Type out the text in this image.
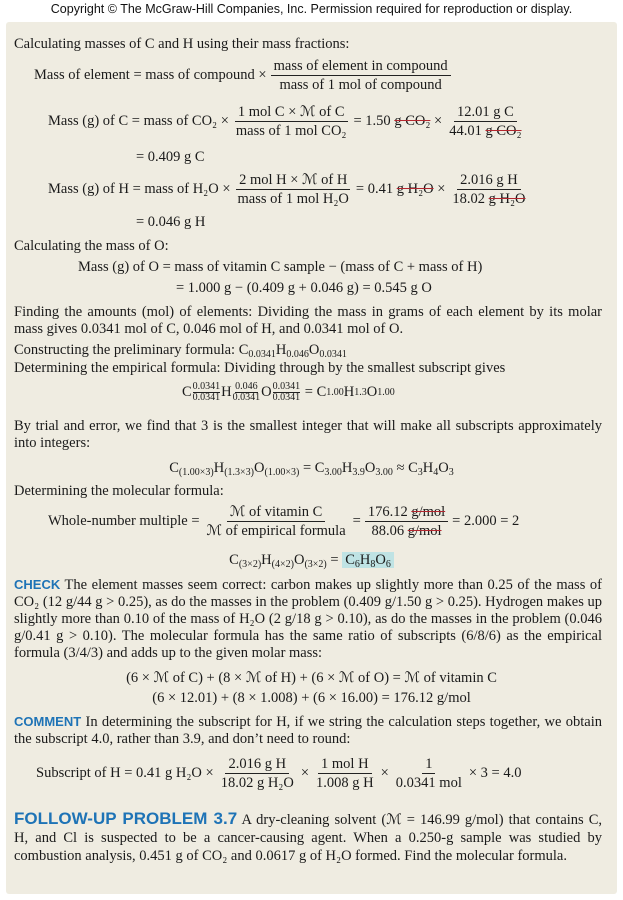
Copyright © The McGraw-Hill Companies, Inc. Permission required for reproduction or display.
Calculating masses of C and H using their mass fractions:
Mass of element = mass of compound × $\frac{\text{mass of element in compound}}{\text{mass of 1 mol of compound}}$
Mass (g) of C = mass of $CO_2 \times \frac{\text{1 mol C × ℳ of C}}{\text{mass of 1 mol CO₂}} = 1.50$
g $CO_2 \times \frac{\text{12.01 g C}}{\text{44.01 g CO₂}}$
= 0.409 g C
Mass (g) of H = mass of $H_2O \times \frac{\text{2 mol H × ℳ of H}}{\text{mass of 1 mol H₂O}} = 0.41$
g $H_2O \times \frac{\text{2.016 g H}}{\text{18.02 g H₂O}}$
= 0.046 g H
Calculating the mass of O:
Mass (g) of O = mass of vitamin C sample − (mass of C + mass of H)
= 1.000 g − (0.409 g + 0.046 g) = 0.545 g O
Finding the amounts (mol) of elements: Dividing the mass in grams of each element by its molar mass gives 0.0341 mol of C, 0.046 mol of H, and 0.0341 mol of O.
Constructing the preliminary formula: $C_{0.0341}H_{0.046}O_{0.0341}$
Determining the empirical formula: Dividing through by the smallest subscript gives
C 0.0341
0.0341 H 0.046
0.0341 O 0.0341
0.0341 = C 1.00 H 1.3 O 1.00
By trial and error, we find that 3 is the smallest integer that will make all subscripts approximately into integers:
$C_{(1.00\times 3)}H_{(1.3\times 3)}O_{(1.00\times 3)} = C_{3.00}H_{3.9}O_{3.00} \approx C_3H_4O_3$
Determining the molecular formula:
Whole-number multiple = $\frac{\text{ℳ of vitamin C}}{\text{ℳ of empirical formula}} = \frac{\text{176.12 g/mol}}{\text{88.06 g/mol}} = 2.000 = 2$
$C_{(3\times 2)}H_{(4\times 2)}O_{(3\times 2)} = C_6H_8O_6$
CHECK The element masses seem correct: carbon makes up slightly more than 0.25 of the mass of CO₂ (12 g/44 g > 0.25), as do the masses in the problem (0.409 g/1.50 g > 0.25). Hydrogen makes up slightly more than 0.10 of the mass of H₂O (2 g/18 g > 0.10), as do the masses in the problem (0.046 g/0.41 g > 0.10). The molecular formula has the same ratio of subscripts (6/8/6) as the empirical formula (3/4/3) and adds up to the given molar mass:
(6 × ℳ of C) + (8 × ℳ of H) + (6 × ℳ of O) = ℳ of vitamin C
(6 × 12.01) + (8 × 1.008) + (6 × 16.00) = 176.12 g/mol
COMMENT In determining the subscript for H, if we string the calculation steps together, we obtain the subscript 4.0, rather than 3.9, and don’t need to round:
Subscript of H = 0.41 g $H_2O \times \frac{\text{2.016 g H}}{\text{18.02 g H₂O}} \times \frac{\text{1 mol H}}{\text{1.008 g H}} \times \frac{1}{\text{0.0341 mol}} \times 3 = 4.0$
FOLLOW-UP PROBLEM 3.7 A dry-cleaning solvent (ℳ = 146.99 g/mol) that contains C, H, and Cl is suspected to be a cancer-causing agent. When a 0.250-g sample was studied by combustion analysis, 0.451 g of CO₂ and 0.0617 g of H₂O formed. Find the molecular formula.
